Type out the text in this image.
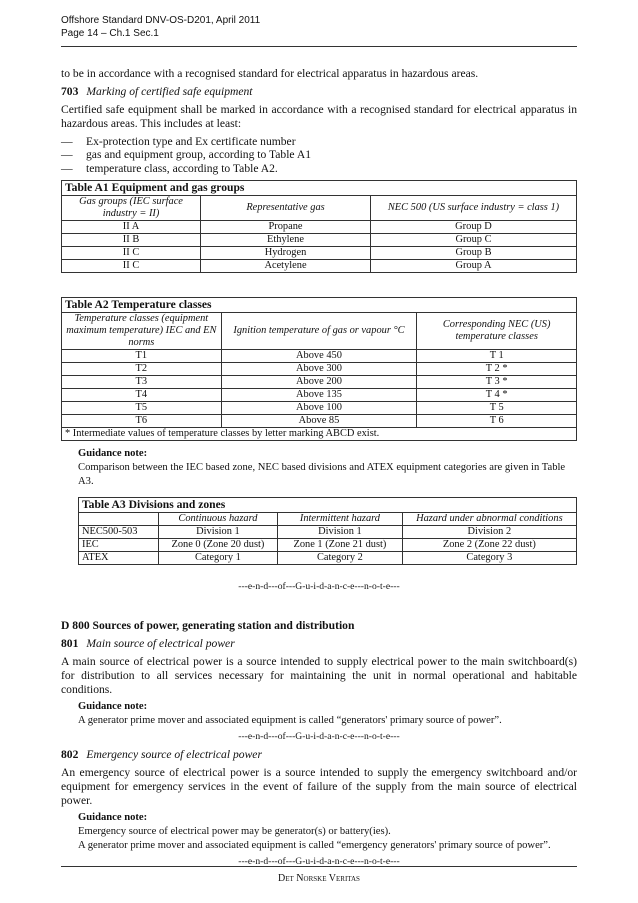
Offshore Standard DNV-OS-D201, April 2011
Page 14 – Ch.1 Sec.1

to be in accordance with a recognised standard for electrical apparatus in hazardous areas.

703 Marking of certified safe equipment

Certified safe equipment shall be marked in accordance with a recognised standard for electrical apparatus in hazardous areas. This includes at least:

— Ex-protection type and Ex certificate number
— gas and equipment group, according to Table A1
— temperature class, according to Table A2.
Table A1 Equipment and gas groups		
Gas groups (IEC surface industry = II)	Representative gas	NEC 500 (US surface industry = class 1)
II A	Propane	Group D
II B	Ethylene	Group C
II C	Hydrogen	Group B
II C	Acetylene	Group A
Table A2 Temperature classes		
Temperature classes (equipment maximum temperature) IEC and EN norms	Ignition temperature of gas or vapour °C	Corresponding NEC (US) temperature classes
T1	Above 450	T 1
T2	Above 300	T 2 *
T3	Above 200	T 3 *
T4	Above 135	T 4 *
T5	Above 100	T 5
T6	Above 85	T 6
* Intermediate values of temperature classes by letter marking ABCD exist.		
Guidance note:
Comparison between the IEC based zone, NEC based divisions and ATEX equipment categories are given in Table A3.
Table A3 Divisions and zones			
	Continuous hazard	Intermittent hazard	Hazard under abnormal conditions
NEC500-503	Division 1	Division 1	Division 2
IEC	Zone 0 (Zone 20 dust)	Zone 1 (Zone 21 dust)	Zone 2 (Zone 22 dust)
ATEX	Category 1	Category 2	Category 3

---e-n-d---of---G-u-i-d-a-n-c-e---n-o-t-e---

D 800 Sources of power, generating station and distribution

801 Main source of electrical power

A main source of electrical power is a source intended to supply electrical power to the main switchboard(s) for distribution to all services necessary for maintaining the unit in normal operational and habitable conditions.

Guidance note:
A generator prime mover and associated equipment is called “generators' primary source of power”.

---e-n-d---of---G-u-i-d-a-n-c-e---n-o-t-e---

802 Emergency source of electrical power

An emergency source of electrical power is a source intended to supply the emergency switchboard and/or equipment for emergency services in the event of failure of the supply from the main source of electrical power.

Guidance note:
Emergency source of electrical power may be generator(s) or battery(ies).
A generator prime mover and associated equipment is called “emergency generators' primary source of power”.

---e-n-d---of---G-u-i-d-a-n-c-e---n-o-t-e---

Det Norske Veritas
